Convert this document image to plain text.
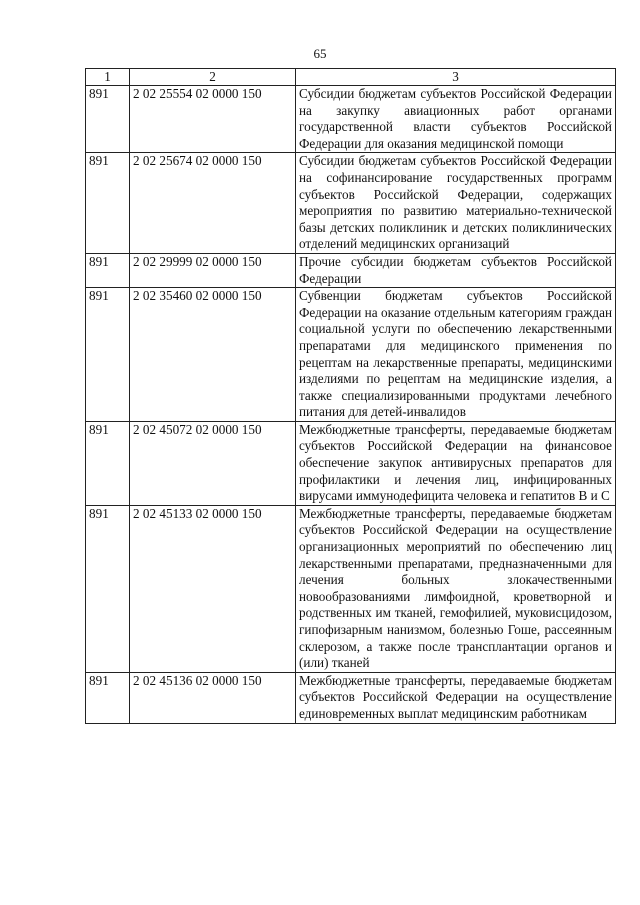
65
1	2	3
891	2 02 25554 02 0000 150	Субсидии бюджетам субъектов Российской Федерации на закупку авиационных работ органами государственной власти субъектов Российской Федерации для оказания медицинской помощи
891	2 02 25674 02 0000 150	Субсидии бюджетам субъектов Российской Федерации на софинансирование государственных программ субъектов Российской Федерации, содержащих мероприятия по развитию материально-технической базы детских поликлиник и детских поликлинических отделений медицинских организаций
891	2 02 29999 02 0000 150	Прочие субсидии бюджетам субъектов Российской Федерации
891	2 02 35460 02 0000 150	Субвенции бюджетам субъектов Российской Федерации на оказание отдельным категориям граждан социальной услуги по обеспечению лекарственными препаратами для медицинского применения по рецептам на лекарственные препараты, медицинскими изделиями по рецептам на медицинские изделия, а также специализированными продуктами лечебного питания для детей-инвалидов
891	2 02 45072 02 0000 150	Межбюджетные трансферты, передаваемые бюджетам субъектов Российской Федерации на финансовое обеспечение закупок антивирусных препаратов для профилактики и лечения лиц, инфицированных вирусами иммунодефицита человека и гепатитов B и C
891	2 02 45133 02 0000 150	Межбюджетные трансферты, передаваемые бюджетам субъектов Российской Федерации на осуществление организационных мероприятий по обеспечению лиц лекарственными препаратами, предназначенными для лечения больных злокачественными новообразованиями лимфоидной, кроветворной и родственных им тканей, гемофилией, муковисцидозом, гипофизарным нанизмом, болезнью Гоше, рассеянным склерозом, а также после трансплантации органов и (или) тканей
891	2 02 45136 02 0000 150	Межбюджетные трансферты, передаваемые бюджетам субъектов Российской Федерации на осуществление единовременных выплат медицинским работникам
